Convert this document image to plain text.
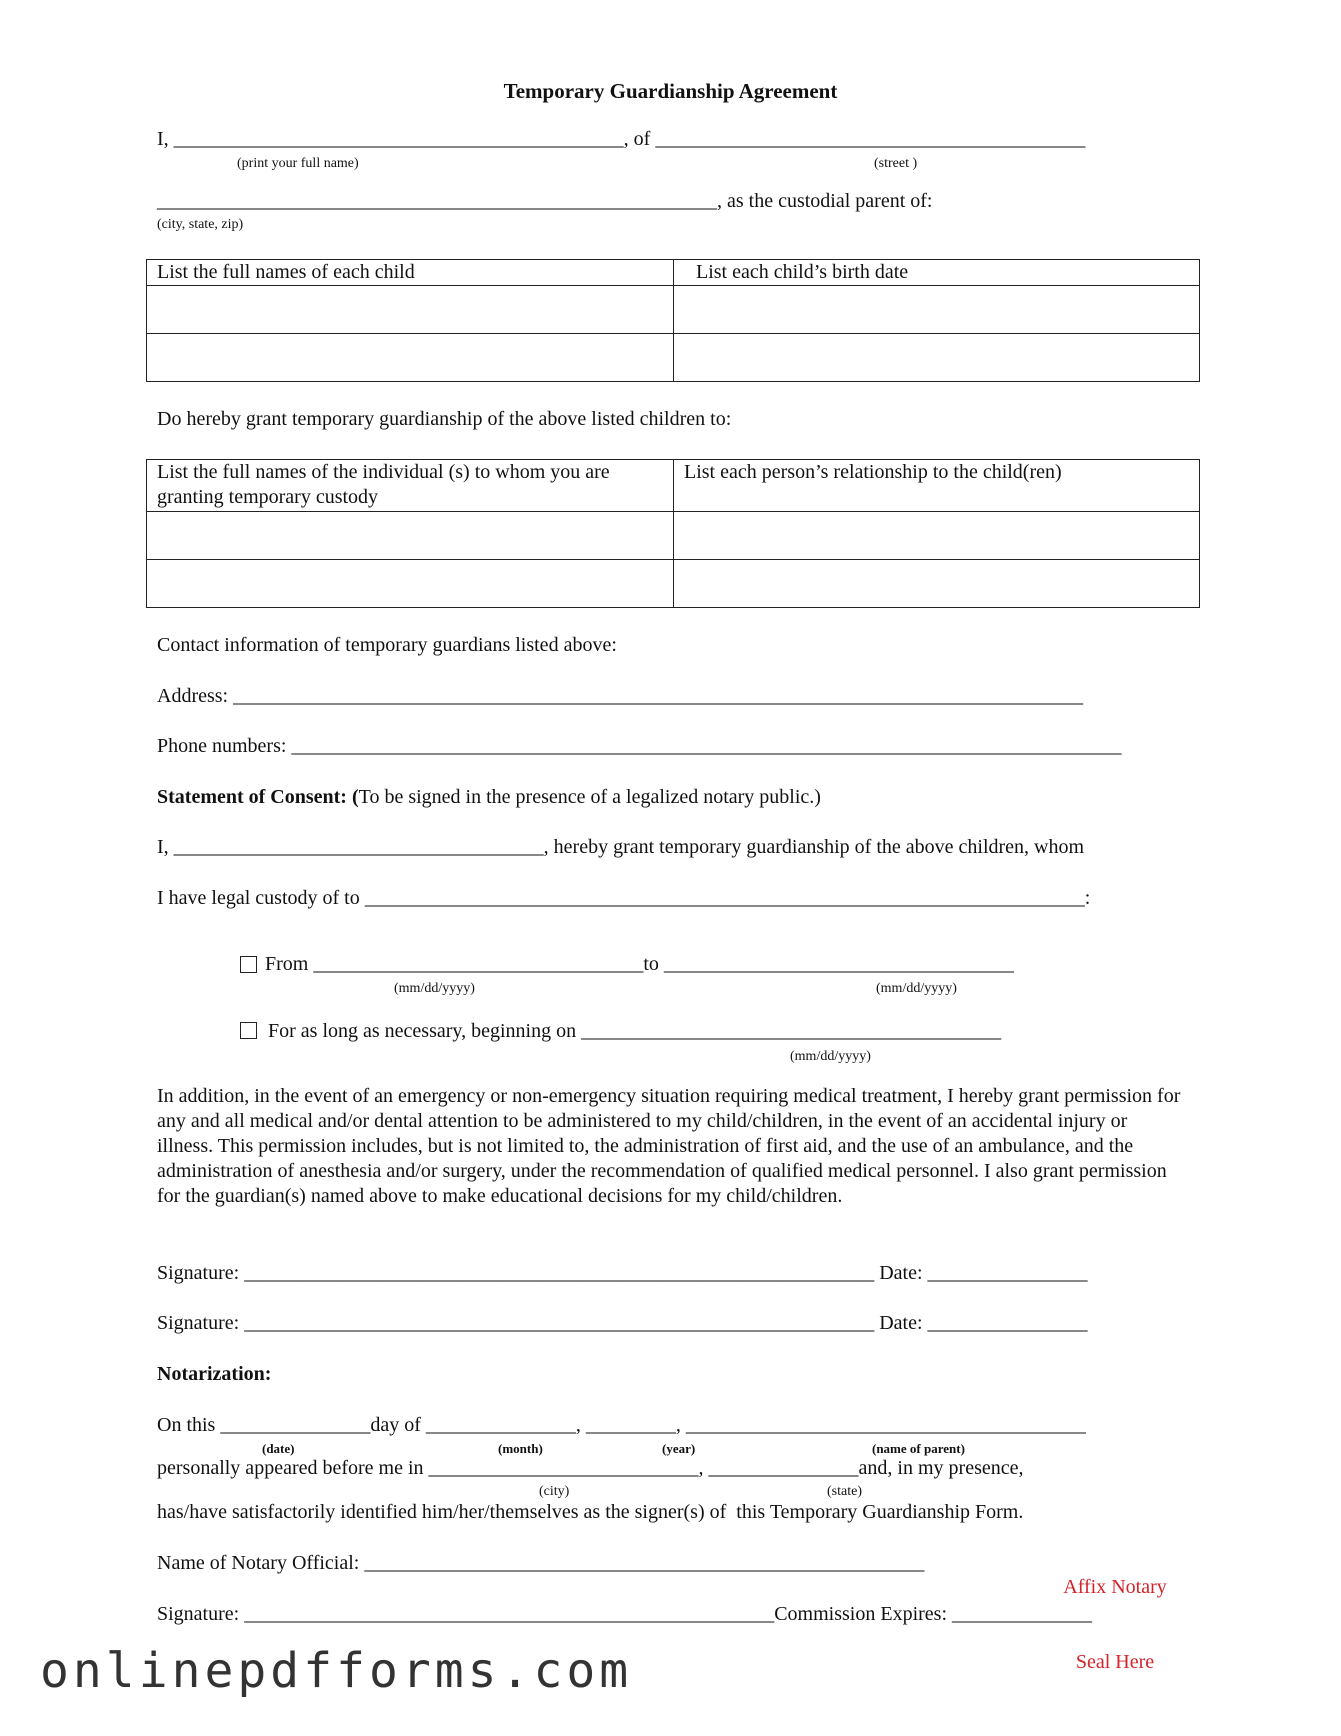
Temporary Guardianship Agreement
I, _____________________________________________, of ___________________________________________
(print your full name)	(street )
________________________________________________________, as the custodial parent of:
(city, state, zip)
List the full names of each child	List each child’s birth date

Do hereby grant temporary guardianship of the above listed children to:
List the full names of the individual (s) to whom you are granting temporary custody	List each person’s relationship to the child(ren)

Contact information of temporary guardians listed above:
Address: _____________________________________________________________________________________
Phone numbers: ___________________________________________________________________________________
Statement of Consent: (To be signed in the presence of a legalized notary public.)
I, _____________________________________, hereby grant temporary guardianship of the above children, whom
I have legal custody of to ________________________________________________________________________:
From _________________________________to ___________________________________
(mm/dd/yyyy)	(mm/dd/yyyy)
For as long as necessary, beginning on __________________________________________
(mm/dd/yyyy)
In addition, in the event of an emergency or non-emergency situation requiring medical treatment, I hereby grant permission for any and all medical and/or dental attention to be administered to my child/children, in the event of an accidental injury or illness. This permission includes, but is not limited to, the administration of first aid, and the use of an ambulance, and the administration of anesthesia and/or surgery, under the recommendation of qualified medical personnel. I also grant permission for the guardian(s) named above to make educational decisions for my child/children.
Signature: _______________________________________________________________ Date: ________________
Signature: _______________________________________________________________ Date: ________________
Notarization:
On this _______________day of _______________, _________, ________________________________________
(date)	(month)	(year)	(name of parent)
personally appeared before me in ___________________________, _______________and, in my presence,
(city)	(state)
has/have satisfactorily identified him/her/themselves as the signer(s) of  this Temporary Guardianship Form.
Name of Notary Official: ________________________________________________________

Affix Notary

Seal Here

Signature: _____________________________________________________Commission Expires: ______________
onlinepdfforms.com
